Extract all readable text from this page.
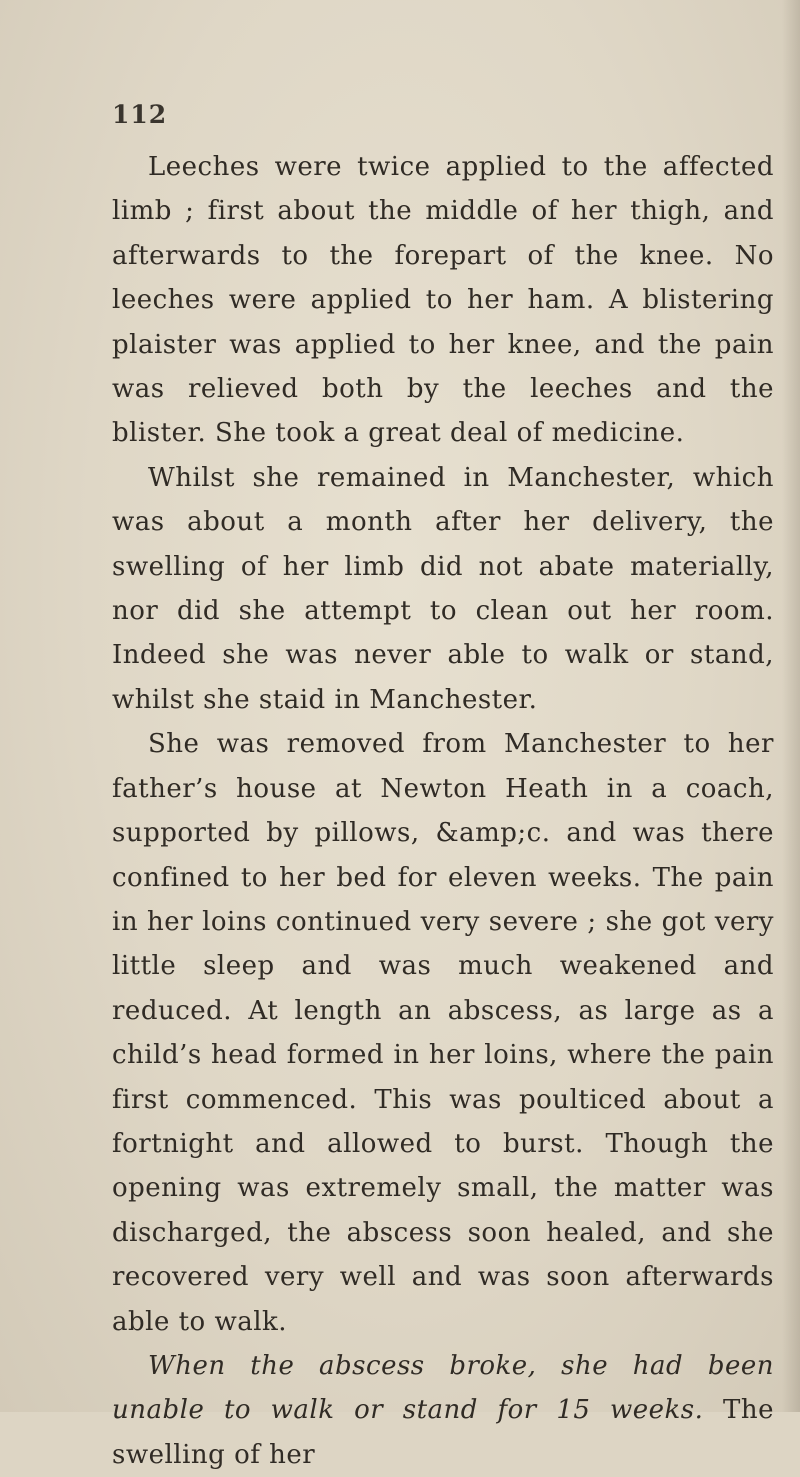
112

Leeches were twice applied to the affected limb ; first about the middle of her thigh, and afterwards to the forepart of the knee. No leeches were applied to her ham. A blistering plaister was applied to her knee, and the pain was relieved both by the leeches and the blister. She took a great deal of medicine.

Whilst she remained in Manchester, which was about a month after her delivery, the swelling of her limb did not abate materially, nor did she attempt to clean out her room. Indeed she was never able to walk or stand, whilst she staid in Manchester.

She was removed from Manchester to her father’s house at Newton Heath in a coach, supported by pillows, &amp;c. and was there confined to her bed for eleven weeks. The pain in her loins continued very severe ; she got very little sleep and was much weakened and reduced. At length an abscess, as large as a child’s head formed in her loins, where the pain first commenced. This was poulticed about a fortnight and allowed to burst. Though the opening was extremely small, the matter was discharged, the abscess soon healed, and she recovered very well and was soon afterwards able to walk.

When the abscess broke, she had been unable to walk or stand for 15 weeks. The swelling of her
